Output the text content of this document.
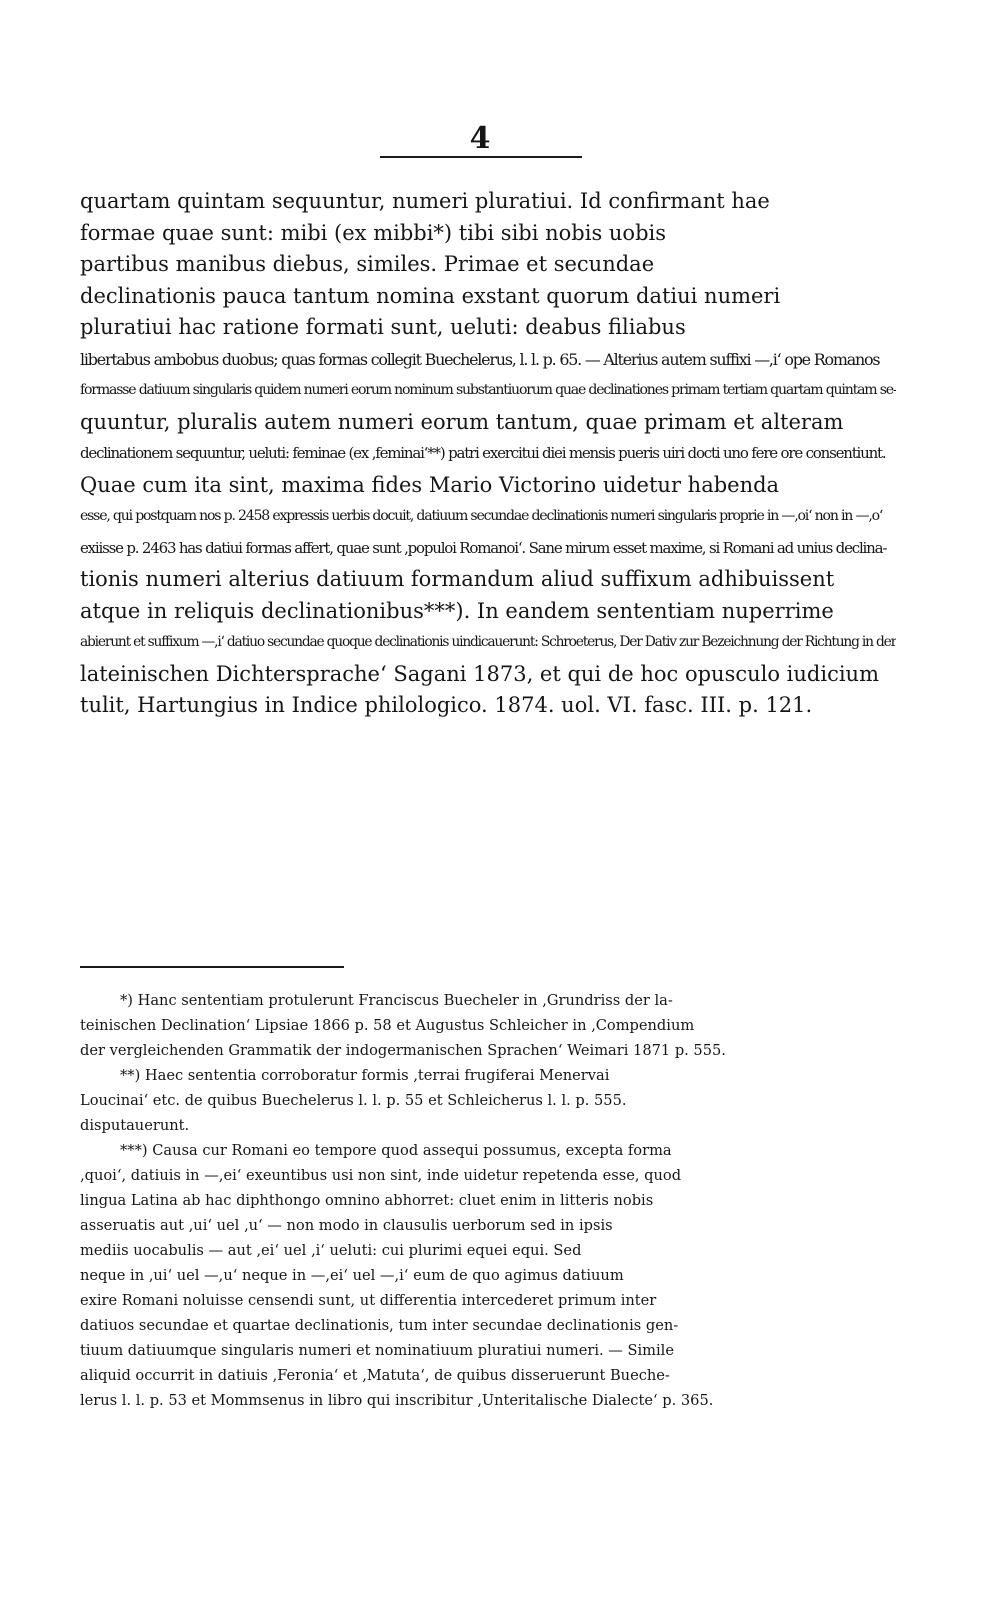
4
quartam quintam sequuntur, numeri pluratiui. Id confirmant hae
formae quae sunt: mibi (ex mibbi*) tibi sibi nobis uobis
partibus manibus diebus, similes. Primae et secundae
declinationis pauca tantum nomina exstant quorum datiui numeri
pluratiui hac ratione formati sunt, ueluti: deabus filiabus
libertabus ambobus duobus; quas formas collegit Buechelerus, l. l. p. 65. — Alterius autem suffixi —,i‘ ope Romanos
formasse datiuum singularis quidem numeri eorum nominum substantiuorum quae declinationes primam tertiam quartam quintam se-
quuntur, pluralis autem numeri eorum tantum, quae primam et alteram
declinationem sequuntur, ueluti: feminae (ex ‚feminai‘**) patri exercitui diei mensis pueris uiri docti uno fere ore consentiunt.
Quae cum ita sint, maxima fides Mario Victorino uidetur habenda
esse, qui postquam nos p. 2458 expressis uerbis docuit, datiuum secundae declinationis numeri singularis proprie in —,oi‘ non in —,o‘
exiisse p. 2463 has datiui formas affert, quae sunt ‚populoi Romanoi‘. Sane mirum esset maxime, si Romani ad unius declina-
tionis numeri alterius datiuum formandum aliud suffixum adhibuissent
atque in reliquis declinationibus***). In eandem sententiam nuperrime
abierunt et suffixum —,i‘ datiuo secundae quoque declinationis uindicauerunt: Schroeterus, Der Dativ zur Bezeichnung der Richtung in der
lateinischen Dichtersprache‘ Sagani 1873, et qui de hoc opusculo iudicium
tulit, Hartungius in Indice philologico. 1874. uol. VI. fasc. III. p. 121.
*) Hanc sententiam protulerunt Franciscus Buecheler in ‚Grundriss der la-
teinischen Declination‘ Lipsiae 1866 p. 58 et Augustus Schleicher in ‚Compendium
der vergleichenden Grammatik der indogermanischen Sprachen‘ Weimari 1871 p. 555.
**) Haec sententia corroboratur formis ‚terrai frugiferai Menervai
Loucinai‘ etc. de quibus Buechelerus l. l. p. 55 et Schleicherus l. l. p. 555.
disputauerunt.
***) Causa cur Romani eo tempore quod assequi possumus, excepta forma
‚quoi‘, datiuis in —,ei‘ exeuntibus usi non sint, inde uidetur repetenda esse, quod
lingua Latina ab hac diphthongo omnino abhorret: cluet enim in litteris nobis
asseruatis aut ‚ui‘ uel ‚u‘ — non modo in clausulis uerborum sed in ipsis
mediis uocabulis — aut ‚ei‘ uel ‚i‘ ueluti: cui plurimi equei equi. Sed
neque in ‚ui‘ uel —,u‘ neque in —,ei‘ uel —,i‘ eum de quo agimus datiuum
exire Romani noluisse censendi sunt, ut differentia intercederet primum inter
datiuos secundae et quartae declinationis, tum inter secundae declinationis gen-
tiuum datiuumque singularis numeri et nominatiuum pluratiui numeri. — Simile
aliquid occurrit in datiuis ‚Feronia‘ et ‚Matuta‘, de quibus disseruerunt Bueche-
lerus l. l. p. 53 et Mommsenus in libro qui inscribitur ‚Unteritalische Dialecte‘ p. 365.
